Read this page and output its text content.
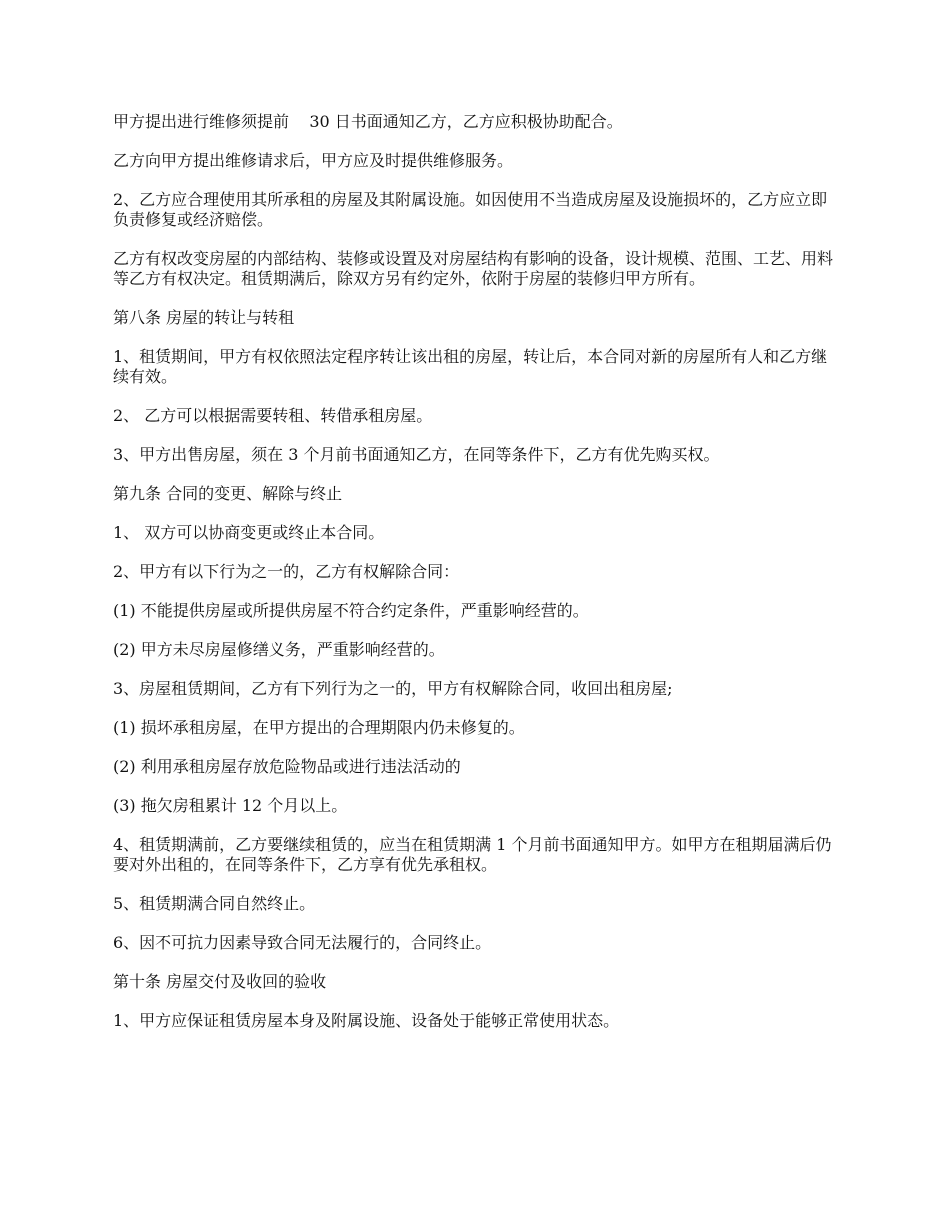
甲方提出进行维修须提前    30 日书面通知乙方，乙方应积极协助配合。

乙方向甲方提出维修请求后，甲方应及时提供维修服务。

2、乙方应合理使用其所承租的房屋及其附属设施。如因使用不当造成房屋及设施损坏的，乙方应立即负责修复或经济赔偿。

乙方有权改变房屋的内部结构、装修或设置及对房屋结构有影响的设备，设计规模、范围、工艺、用料等乙方有权决定。租赁期满后，除双方另有约定外，依附于房屋的装修归甲方所有。

第八条 房屋的转让与转租

1、租赁期间，甲方有权依照法定程序转让该出租的房屋，转让后，本合同对新的房屋所有人和乙方继续有效。

2、 乙方可以根据需要转租、转借承租房屋。

3、甲方出售房屋，须在 3 个月前书面通知乙方，在同等条件下，乙方有优先购买权。

第九条 合同的变更、解除与终止

1、 双方可以协商变更或终止本合同。

2、甲方有以下行为之一的，乙方有权解除合同：

(1) 不能提供房屋或所提供房屋不符合约定条件，严重影响经营的。

(2) 甲方未尽房屋修缮义务，严重影响经营的。

3、房屋租赁期间，乙方有下列行为之一的，甲方有权解除合同，收回出租房屋;

(1) 损坏承租房屋，在甲方提出的合理期限内仍未修复的。

(2) 利用承租房屋存放危险物品或进行违法活动的

(3) 拖欠房租累计 12 个月以上。

4、租赁期满前，乙方要继续租赁的，应当在租赁期满 1 个月前书面通知甲方。如甲方在租期届满后仍要对外出租的，在同等条件下，乙方享有优先承租权。

5、租赁期满合同自然终止。

6、因不可抗力因素导致合同无法履行的，合同终止。

第十条 房屋交付及收回的验收

1、甲方应保证租赁房屋本身及附属设施、设备处于能够正常使用状态。
